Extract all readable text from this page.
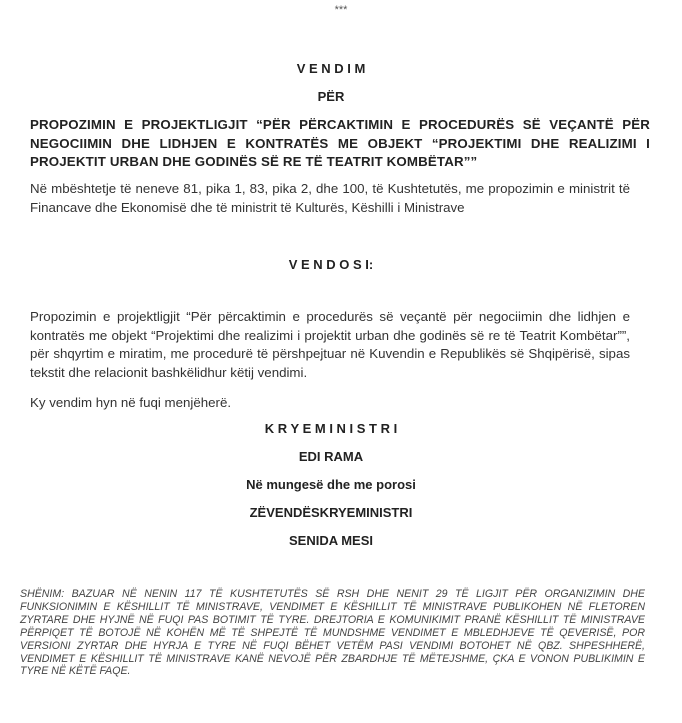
***
V E N D I M
PËR
PROPOZIMIN E PROJEKTLIGJIT “PËR PËRCAKTIMIN E PROCEDURËS SË VEÇANTË PËR NEGOCIIMIN DHE LIDHJEN E KONTRATËS ME OBJEKT “PROJEKTIMI DHE REALIZIMI I PROJEKTIT URBAN DHE GODINËS SË RE TË TEATRIT KOMBËTAR””
Në mbështetje të neneve 81, pika 1, 83, pika 2, dhe 100, të Kushtetutës, me propozimin e ministrit të Financave dhe Ekonomisë dhe të ministrit të Kulturës, Këshilli i Ministrave
V E N D O S I:
Propozimin e projektligjit “Për përcaktimin e procedurës së veçantë për negociimin dhe lidhjen e kontratës me objekt “Projektimi dhe realizimi i projektit urban dhe godinës së re të Teatrit Kombëtar””, për shqyrtim e miratim, me procedurë të përshpejtuar në Kuvendin e Republikës së Shqipërisë, sipas tekstit dhe relacionit bashkëlidhur këtij vendimi.
Ky vendim hyn në fuqi menjëherë.
K R Y E M I N I S T R I
EDI RAMA
Në mungesë dhe me porosi
ZËVENDËSKRYEMINISTRI
SENIDA MESI
SHËNIM: BAZUAR NË NENIN 117 TË KUSHTETUTËS SË RSH DHE NENIT 29 TË LIGJIT PËR ORGANIZIMIN DHE FUNKSIONIMIN E KËSHILLIT TË MINISTRAVE, VENDIMET E KËSHILLIT TË MINISTRAVE PUBLIKOHEN NË FLETOREN ZYRTARE DHE HYJNË NË FUQI PAS BOTIMIT TË TYRE. DREJTORIA E KOMUNIKIMIT PRANË KËSHILLIT TË MINISTRAVE PËRPIQET TË BOTOJË NË KOHËN MË TË SHPEJTË TË MUNDSHME VENDIMET E MBLEDHJEVE TË QEVERISË, POR VERSIONI ZYRTAR DHE HYRJA E TYRE NË FUQI BËHET VETËM PASI VENDIMI BOTOHET NË QBZ. SHPESHHERË, VENDIMET E KËSHILLIT TË MINISTRAVE KANË NEVOJË PËR ZBARDHJE TË MËTEJSHME, ÇKA E VONON PUBLIKIMIN E TYRE NË KËTË FAQE.
